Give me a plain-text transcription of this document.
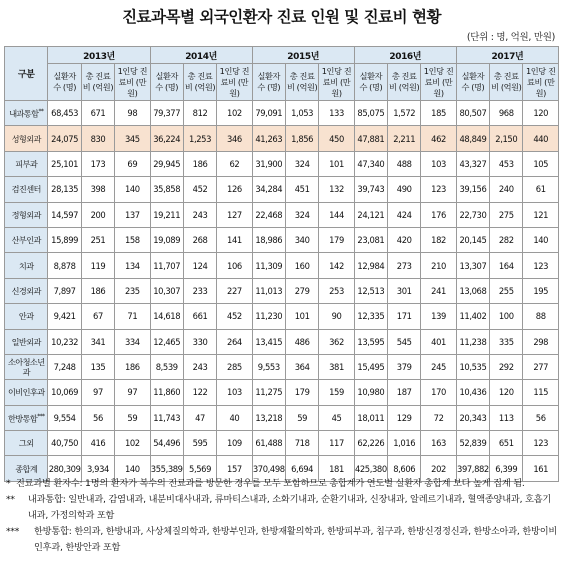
진료과목별 외국인환자 진료 인원 및 진료비 현황
(단위 : 명, 억원, 만원)
구분	2013년			2014년			2015년			2016년			2017년		
	실환자 수 (명)	총 진료비 (억원)	1인당 진료비 (만원)	실환자 수 (명)	총 진료비 (억원)	1인당 진료비 (만원)	실환자 수 (명)	총 진료비 (억원)	1인당 진료비 (만원)	실환자 수 (명)	총 진료비 (억원)	1인당 진료비 (만원)	실환자 수 (명)	총 진료비 (억원)	1인당 진료비 (만원)
내과통합**	68,453	671	98	79,377	812	102	79,091	1,053	133	85,075	1,572	185	80,507	968	120
성형외과	24,075	830	345	36,224	1,253	346	41,263	1,856	450	47,881	2,211	462	48,849	2,150	440
피부과	25,101	173	69	29,945	186	62	31,900	324	101	47,340	488	103	43,327	453	105
검진센터	28,135	398	140	35,858	452	126	34,284	451	132	39,743	490	123	39,156	240	61
정형외과	14,597	200	137	19,211	243	127	22,468	324	144	24,121	424	176	22,730	275	121
산부인과	15,899	251	158	19,089	268	141	18,986	340	179	23,081	420	182	20,145	282	140
치과	8,878	119	134	11,707	124	106	11,309	160	142	12,984	273	210	13,307	164	123
신경외과	7,897	186	235	10,307	233	227	11,013	279	253	12,513	301	241	13,068	255	195
안과	9,421	67	71	14,618	661	452	11,230	101	90	12,335	171	139	11,402	100	88
일반외과	10,232	341	334	12,465	330	264	13,415	486	362	13,595	545	401	11,238	335	298
소아청소년과	7,248	135	186	8,539	243	285	9,553	364	381	15,495	379	245	10,535	292	277
이비인후과	10,069	97	97	11,860	122	103	11,275	179	159	10,980	187	170	10,436	120	115
한방통합***	9,554	56	59	11,743	47	40	13,218	59	45	18,011	129	72	20,343	113	56
그외	40,750	416	102	54,496	595	109	61,488	718	117	62,226	1,016	163	52,839	651	123
종합계	280,309	3,934	140	355,389	5,569	157	370,498	6,694	181	425,380	8,606	202	397,882	6,399	161
* 진료과별 환자수: 1명의 환자가 복수의 진료과를 방문한 경우를 모두 포함하므로 총합계가 연도별 실환자 총합계 보다 높게 집계 됨.
**	내과통합: 일반내과, 감염내과, 내분비대사내과, 류마티스내과, 소화기내과, 순환기내과, 신장내과, 알레르기내과, 혈액종양내과, 호흡기내과, 가정의학과 포함
***	한방통합: 한의과, 한방내과, 사상체질의학과, 한방부인과, 한방재활의학과, 한방피부과, 침구과, 한방신경정신과, 한방소아과, 한방이비인후과, 한방안과 포함
